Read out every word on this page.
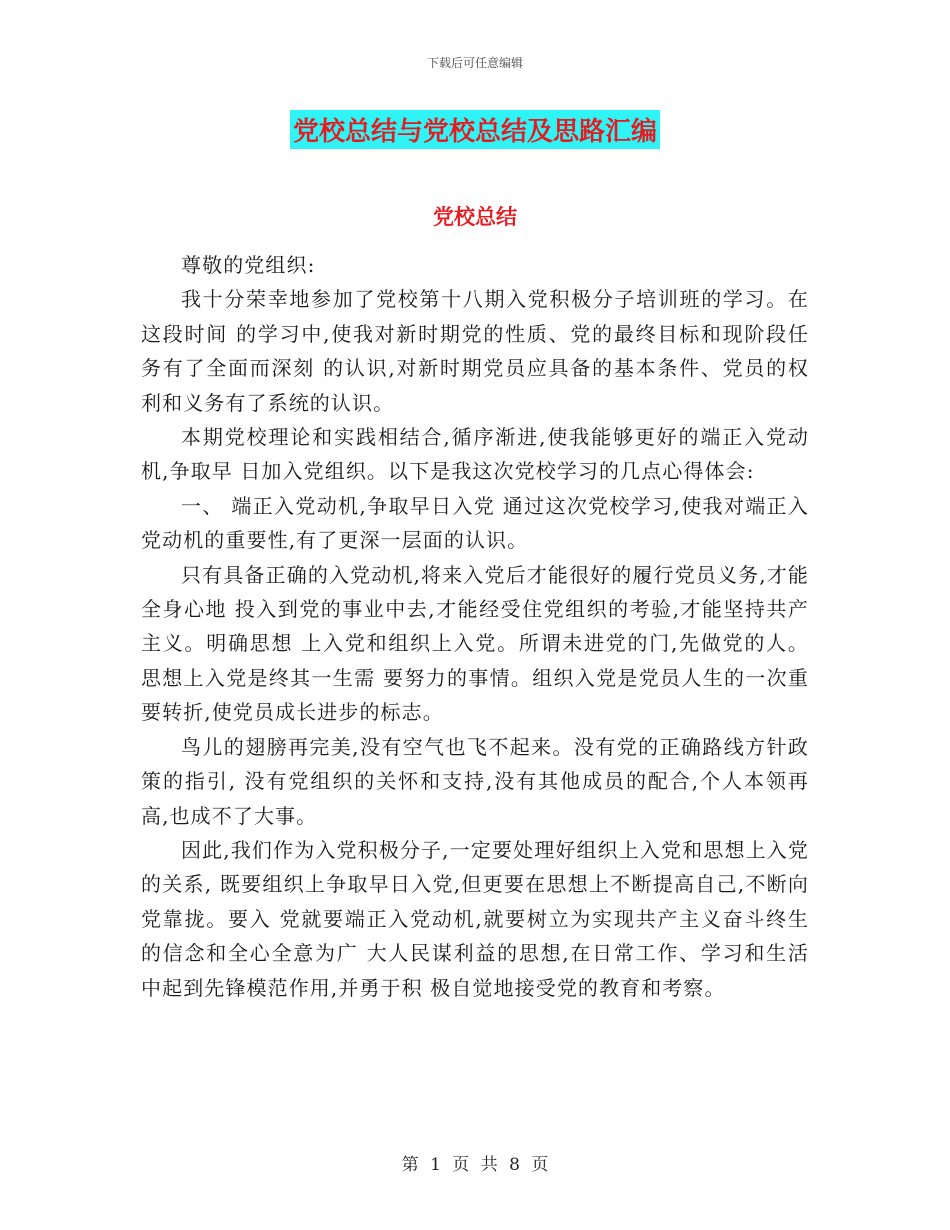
下载后可任意编辑
党校总结与党校总结及思路汇编
党校总结

尊敬的党组织:

我十分荣幸地参加了党校第十八期入党积极分子培训班的学习。在这段时间 的学习中,使我对新时期党的性质、党的最终目标和现阶段任务有了全面而深刻 的认识,对新时期党员应具备的基本条件、党员的权利和义务有了系统的认识。

本期党校理论和实践相结合,循序渐进,使我能够更好的端正入党动机,争取早 日加入党组织。以下是我这次党校学习的几点心得体会:

一、 端正入党动机,争取早日入党 通过这次党校学习,使我对端正入党动机的重要性,有了更深一层面的认识。

只有具备正确的入党动机,将来入党后才能很好的履行党员义务,才能全身心地 投入到党的事业中去,才能经受住党组织的考验,才能坚持共产主义。明确思想 上入党和组织上入党。所谓未进党的门,先做党的人。思想上入党是终其一生需 要努力的事情。组织入党是党员人生的一次重要转折,使党员成长进步的标志。

鸟儿的翅膀再完美,没有空气也飞不起来。没有党的正确路线方针政策的指引, 没有党组织的关怀和支持,没有其他成员的配合,个人本领再高,也成不了大事。

因此,我们作为入党积极分子,一定要处理好组织上入党和思想上入党的关系, 既要组织上争取早日入党,但更要在思想上不断提高自己,不断向党靠拢。要入 党就要端正入党动机,就要树立为实现共产主义奋斗终生的信念和全心全意为广 大人民谋利益的思想,在日常工作、学习和生活中起到先锋模范作用,并勇于积 极自觉地接受党的教育和考察。

第 1 页 共 8 页
